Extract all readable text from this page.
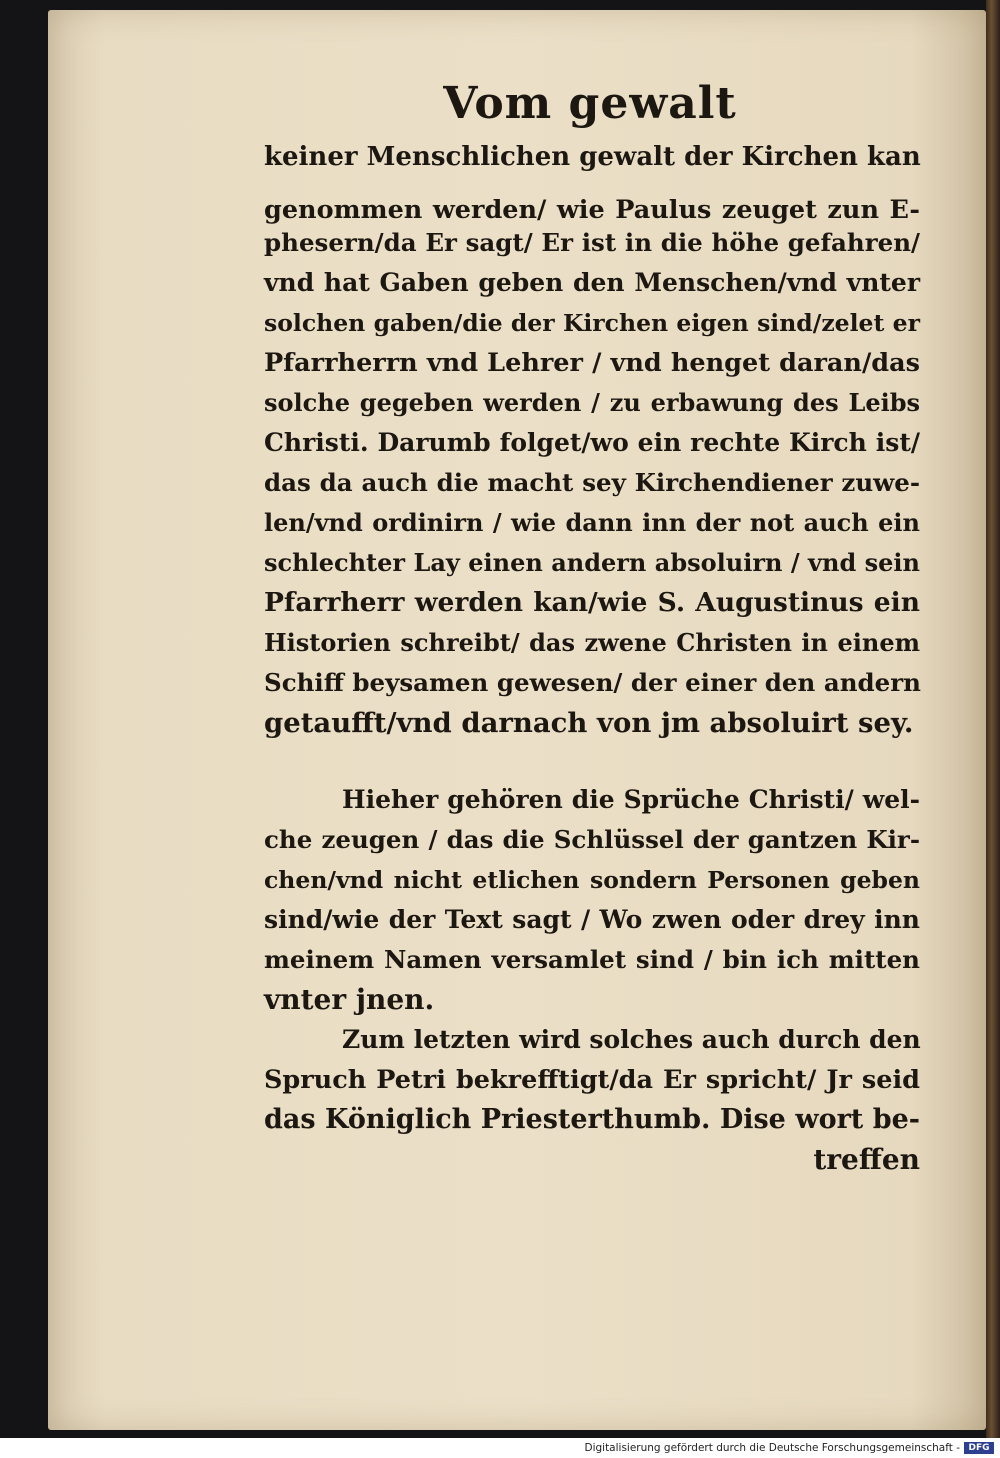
Vom gewalt
keiner Menschlichen gewalt der Kirchen kan
genommen werden/ wie Paulus zeuget zun E-
phesern/da Er sagt/ Er ist in die höhe gefahren/
vnd hat Gaben geben den Menschen/vnd vnter
solchen gaben/die der Kirchen eigen sind/zelet er
Pfarrherrn vnd Lehrer / vnd henget daran/das
solche gegeben werden / zu erbawung des Leibs
Christi. Darumb folget/wo ein rechte Kirch ist/
das da auch die macht sey Kirchendiener zuwe-
len/vnd ordinirn / wie dann inn der not auch ein
schlechter Lay einen andern absoluirn / vnd sein
Pfarrherr werden kan/wie S. Augustinus ein
Historien schreibt/ das zwene Christen in einem
Schiff beysamen gewesen/ der einer den andern
getaufft/vnd darnach von jm absoluirt sey.
Hieher gehören die Sprüche Christi/ wel-
che zeugen / das die Schlüssel der gantzen Kir-
chen/vnd nicht etlichen sondern Personen geben
sind/wie der Text sagt / Wo zwen oder drey inn
meinem Namen versamlet sind / bin ich mitten
vnter jnen.
Zum letzten wird solches auch durch den
Spruch Petri bekrefftigt/da Er spricht/ Jr seid
das Königlich Priesterthumb. Dise wort be-
treffen
Digitalisierung gefördert durch die Deutsche Forschungsgemeinschaft - DFG
